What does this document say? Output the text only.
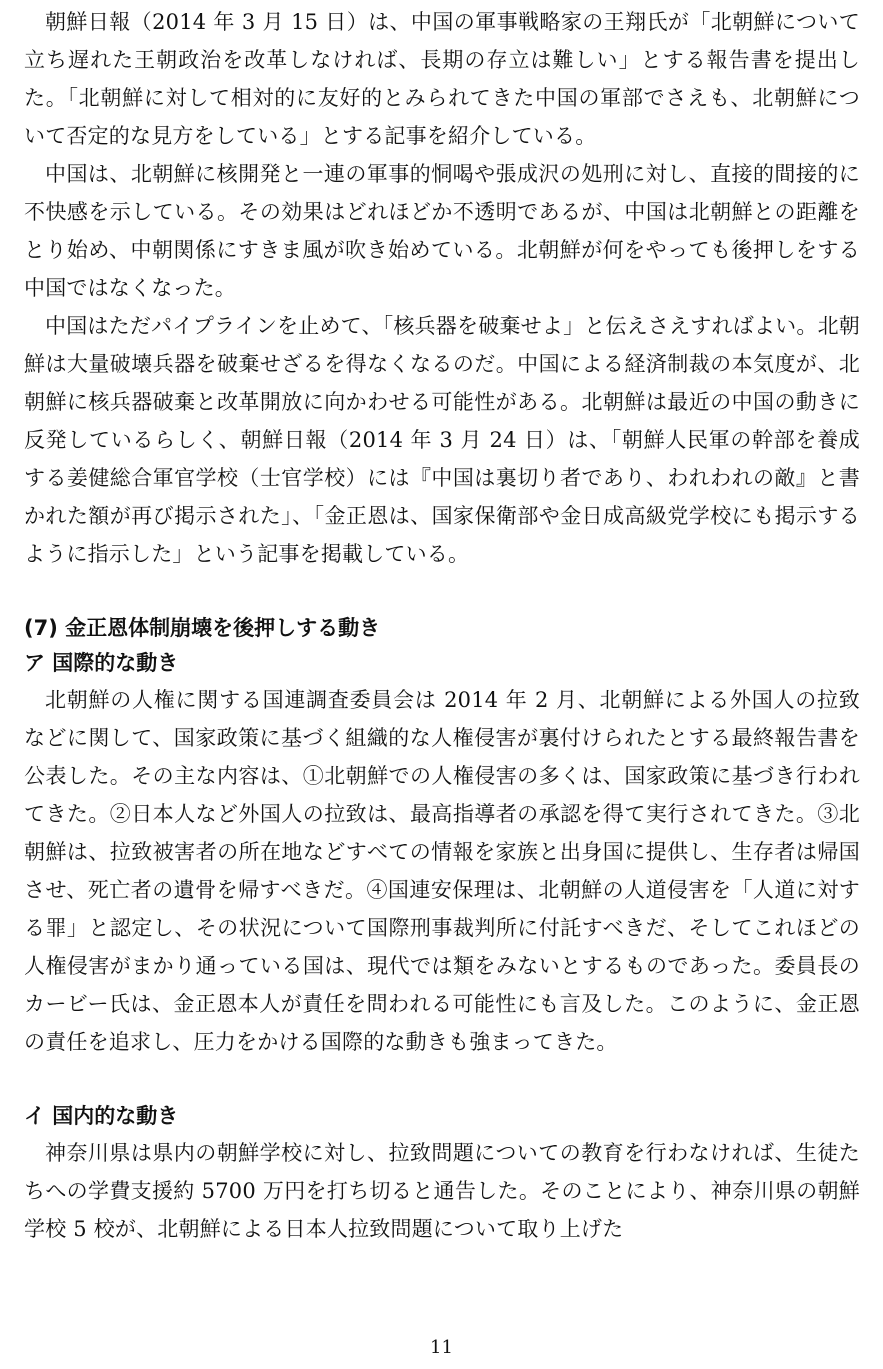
朝鮮日報（2014 年 3 月 15 日）は、中国の軍事戦略家の王翔氏が「北朝鮮について立ち遅れた王朝政治を改革しなければ、長期の存立は難しい」とする報告書を提出した。「北朝鮮に対して相対的に友好的とみられてきた中国の軍部でさえも、北朝鮮について否定的な見方をしている」とする記事を紹介している。

中国は、北朝鮮に核開発と一連の軍事的恫喝や張成沢の処刑に対し、直接的間接的に不快感を示している。その効果はどれほどか不透明であるが、中国は北朝鮮との距離をとり始め、中朝関係にすきま風が吹き始めている。北朝鮮が何をやっても後押しをする中国ではなくなった。

中国はただパイプラインを止めて、「核兵器を破棄せよ」と伝えさえすればよい。北朝鮮は大量破壊兵器を破棄せざるを得なくなるのだ。中国による経済制裁の本気度が、北朝鮮に核兵器破棄と改革開放に向かわせる可能性がある。北朝鮮は最近の中国の動きに反発しているらしく、朝鮮日報（2014 年 3 月 24 日）は、「朝鮮人民軍の幹部を養成する姜健総合軍官学校（士官学校）には『中国は裏切り者であり、われわれの敵』と書かれた額が再び掲示された」、「金正恩は、国家保衛部や金日成高級党学校にも掲示するように指示した」という記事を掲載している。

(7) 金正恩体制崩壊を後押しする動き
ア 国際的な動き

北朝鮮の人権に関する国連調査委員会は 2014 年 2 月、北朝鮮による外国人の拉致などに関して、国家政策に基づく組織的な人権侵害が裏付けられたとする最終報告書を公表した。その主な内容は、①北朝鮮での人権侵害の多くは、国家政策に基づき行われてきた。②日本人など外国人の拉致は、最高指導者の承認を得て実行されてきた。③北朝鮮は、拉致被害者の所在地などすべての情報を家族と出身国に提供し、生存者は帰国させ、死亡者の遺骨を帰すべきだ。④国連安保理は、北朝鮮の人道侵害を「人道に対する罪」と認定し、その状況について国際刑事裁判所に付託すべきだ、そしてこれほどの人権侵害がまかり通っている国は、現代では類をみないとするものであった。委員長のカービー氏は、金正恩本人が責任を問われる可能性にも言及した。このように、金正恩の責任を追求し、圧力をかける国際的な動きも強まってきた。

イ 国内的な動き

神奈川県は県内の朝鮮学校に対し、拉致問題についての教育を行わなければ、生徒たちへの学費支援約 5700 万円を打ち切ると通告した。そのことにより、神奈川県の朝鮮学校 5 校が、北朝鮮による日本人拉致問題について取り上げた

11
